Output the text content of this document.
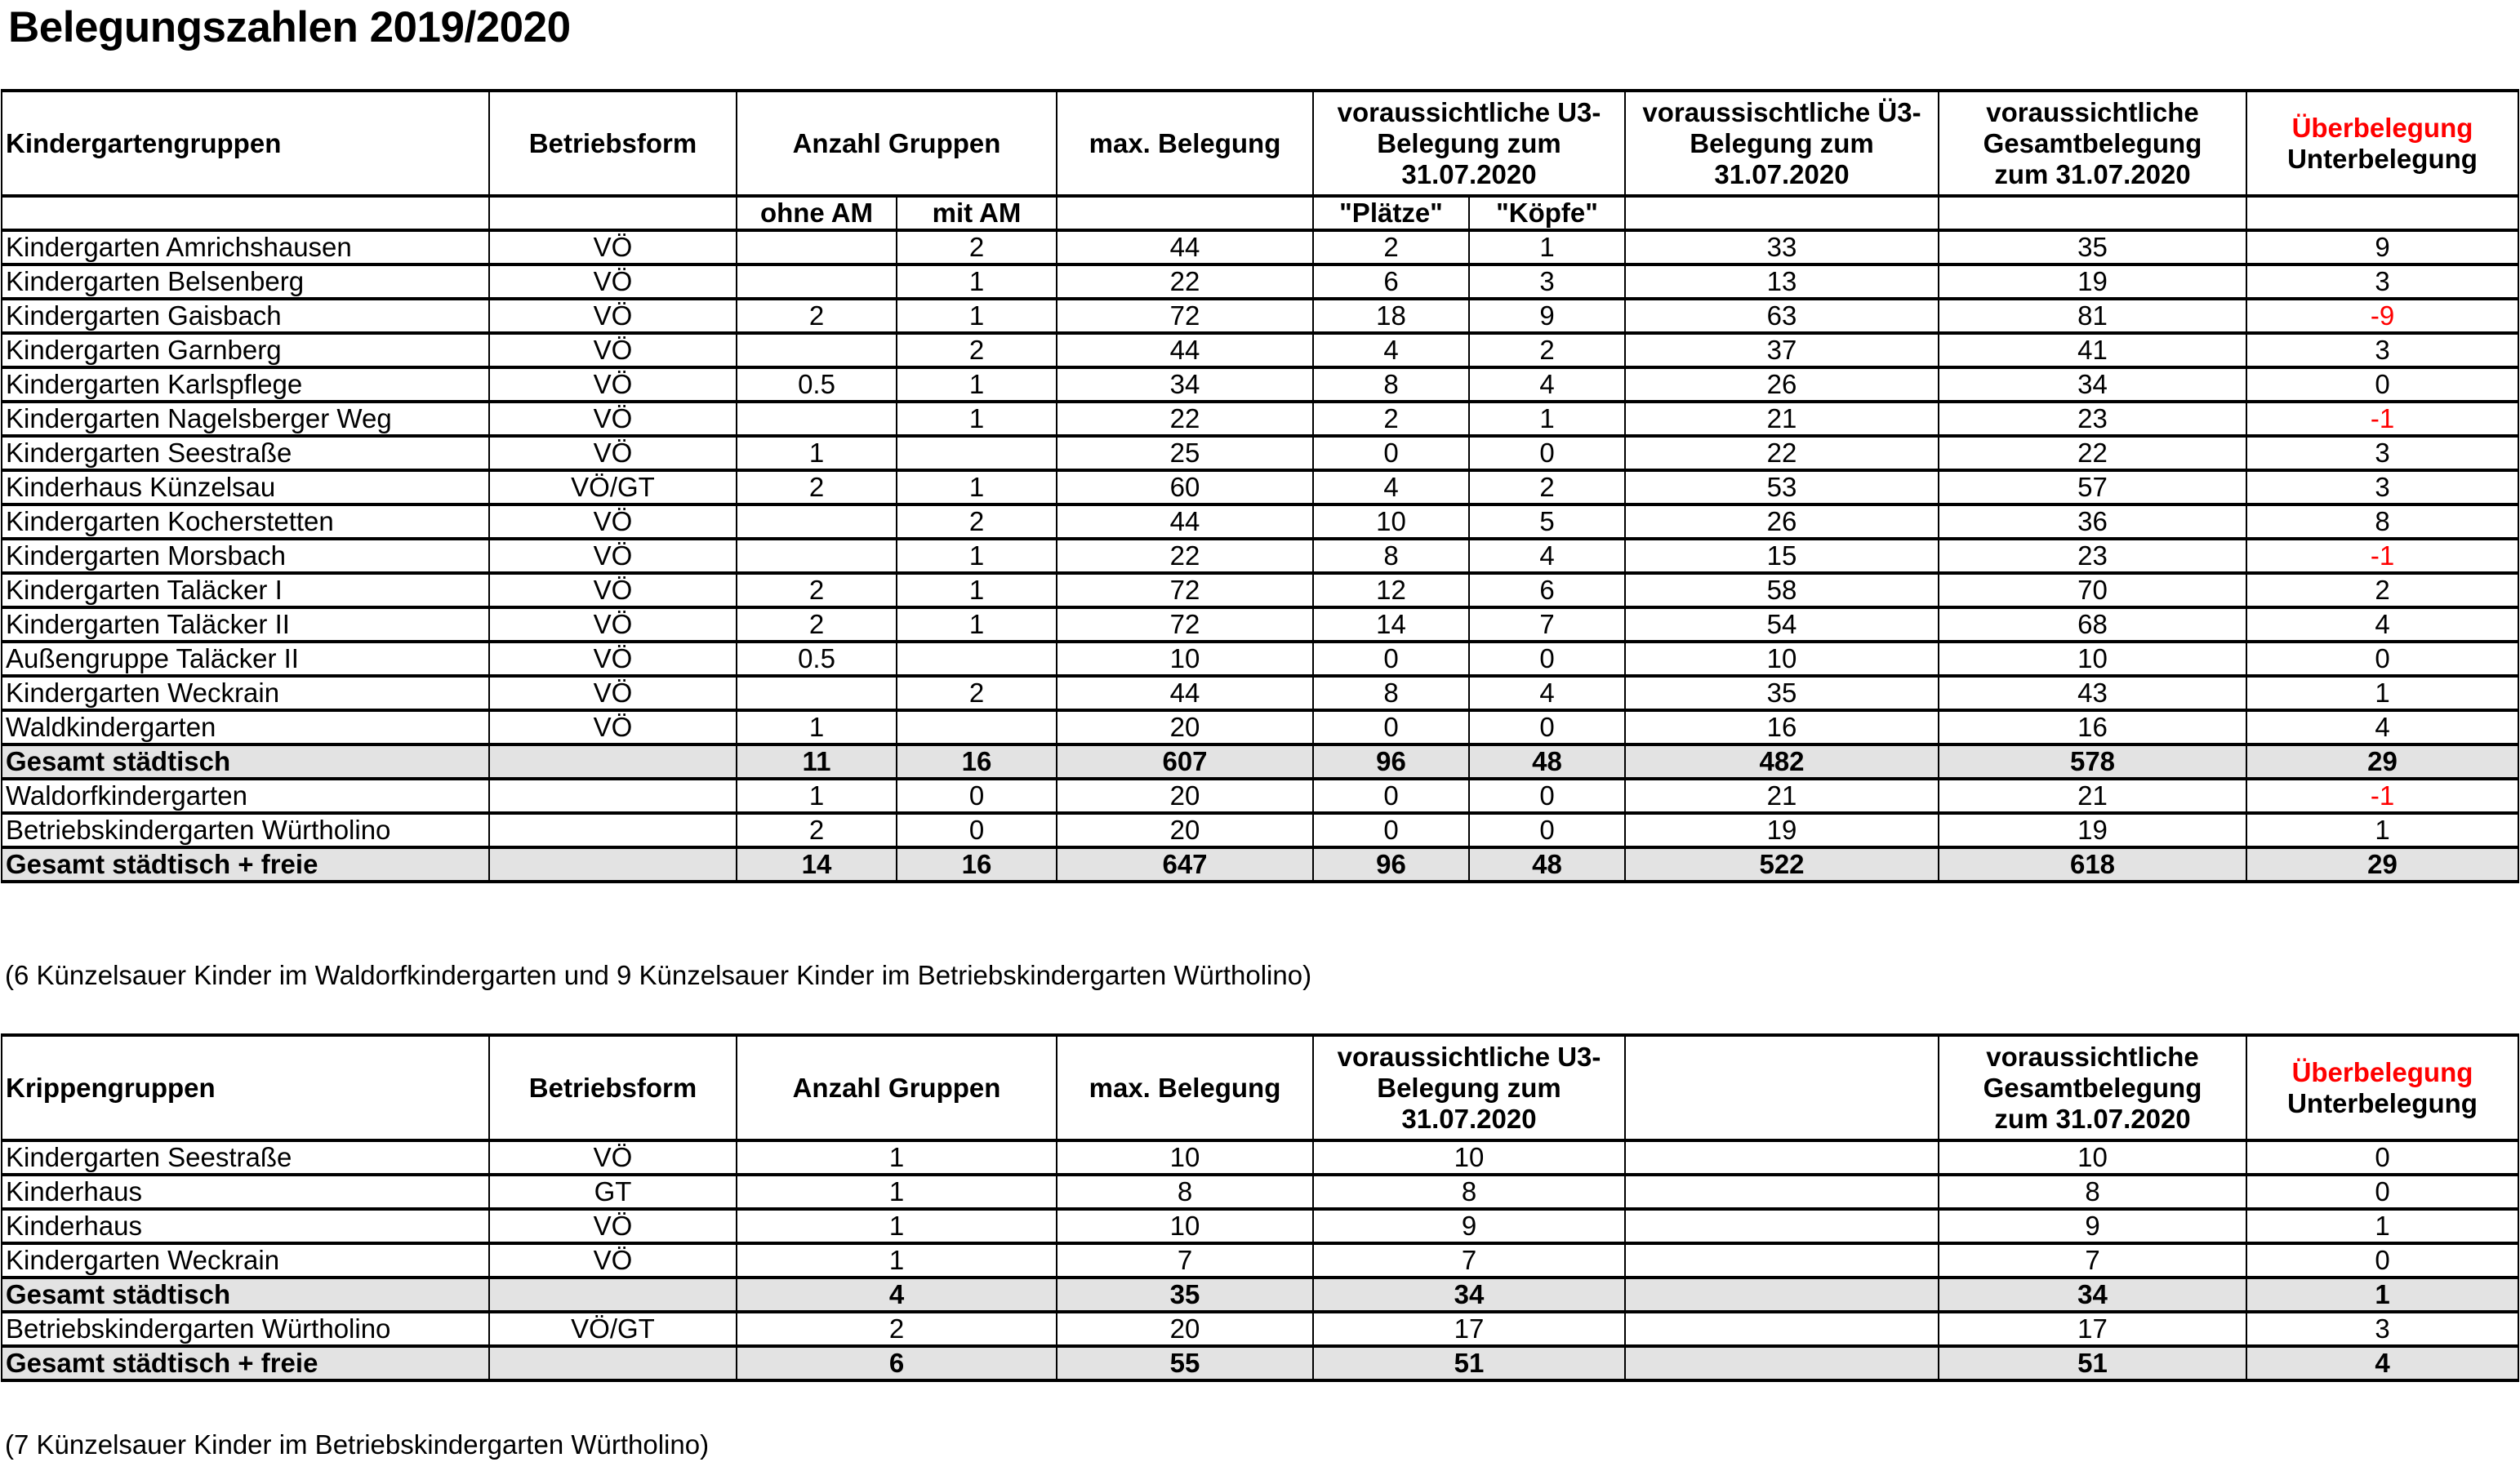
Belegungszahlen 2019/2020
Kindergartengruppen	Betriebsform	Anzahl Gruppen		max. Belegung	voraussichtliche U3-
Belegung zum
31.07.2020		voraussischtliche Ü3-
Belegung zum
31.07.2020	voraussichtliche
Gesamtbelegung
zum 31.07.2020	Überbelegung
Unterbelegung

		ohne AM	mit AM		"Plätze"	"Köpfe"			
Kindergarten Amrichshausen	VÖ		2	44	2	1	33	35	9
Kindergarten Belsenberg	VÖ		1	22	6	3	13	19	3
Kindergarten Gaisbach	VÖ	2	1	72	18	9	63	81	-9
Kindergarten Garnberg	VÖ		2	44	4	2	37	41	3
Kindergarten Karlspflege	VÖ	0.5	1	34	8	4	26	34	0
Kindergarten Nagelsberger Weg	VÖ		1	22	2	1	21	23	-1
Kindergarten Seestraße	VÖ	1		25	0	0	22	22	3
Kinderhaus Künzelsau	VÖ/GT	2	1	60	4	2	53	57	3
Kindergarten Kocherstetten	VÖ		2	44	10	5	26	36	8
Kindergarten Morsbach	VÖ		1	22	8	4	15	23	-1
Kindergarten Taläcker I	VÖ	2	1	72	12	6	58	70	2
Kindergarten Taläcker II	VÖ	2	1	72	14	7	54	68	4
Außengruppe Taläcker II	VÖ	0.5		10	0	0	10	10	0
Kindergarten Weckrain	VÖ		2	44	8	4	35	43	1
Waldkindergarten	VÖ	1		20	0	0	16	16	4
Gesamt städtisch		11	16	607	96	48	482	578	29
Waldorfkindergarten		1	0	20	0	0	21	21	-1
Betriebskindergarten Würtholino		2	0	20	0	0	19	19	1
Gesamt städtisch + freie		14	16	647	96	48	522	618	29
(6 Künzelsauer Kinder im Waldorfkindergarten und 9 Künzelsauer Kinder im Betriebskindergarten Würtholino)
Krippengruppen	Betriebsform	Anzahl Gruppen	max. Belegung	voraussichtliche U3-
Belegung zum
31.07.2020		voraussichtliche
Gesamtbelegung
zum 31.07.2020	Überbelegung
Unterbelegung

Kindergarten Seestraße	VÖ	1	10	10		10	0
Kinderhaus	GT	1	8	8		8	0
Kinderhaus	VÖ	1	10	9		9	1
Kindergarten Weckrain	VÖ	1	7	7		7	0
Gesamt städtisch		4	35	34		34	1
Betriebskindergarten Würtholino	VÖ/GT	2	20	17		17	3
Gesamt städtisch + freie		6	55	51		51	4
(7 Künzelsauer Kinder im Betriebskindergarten Würtholino)
